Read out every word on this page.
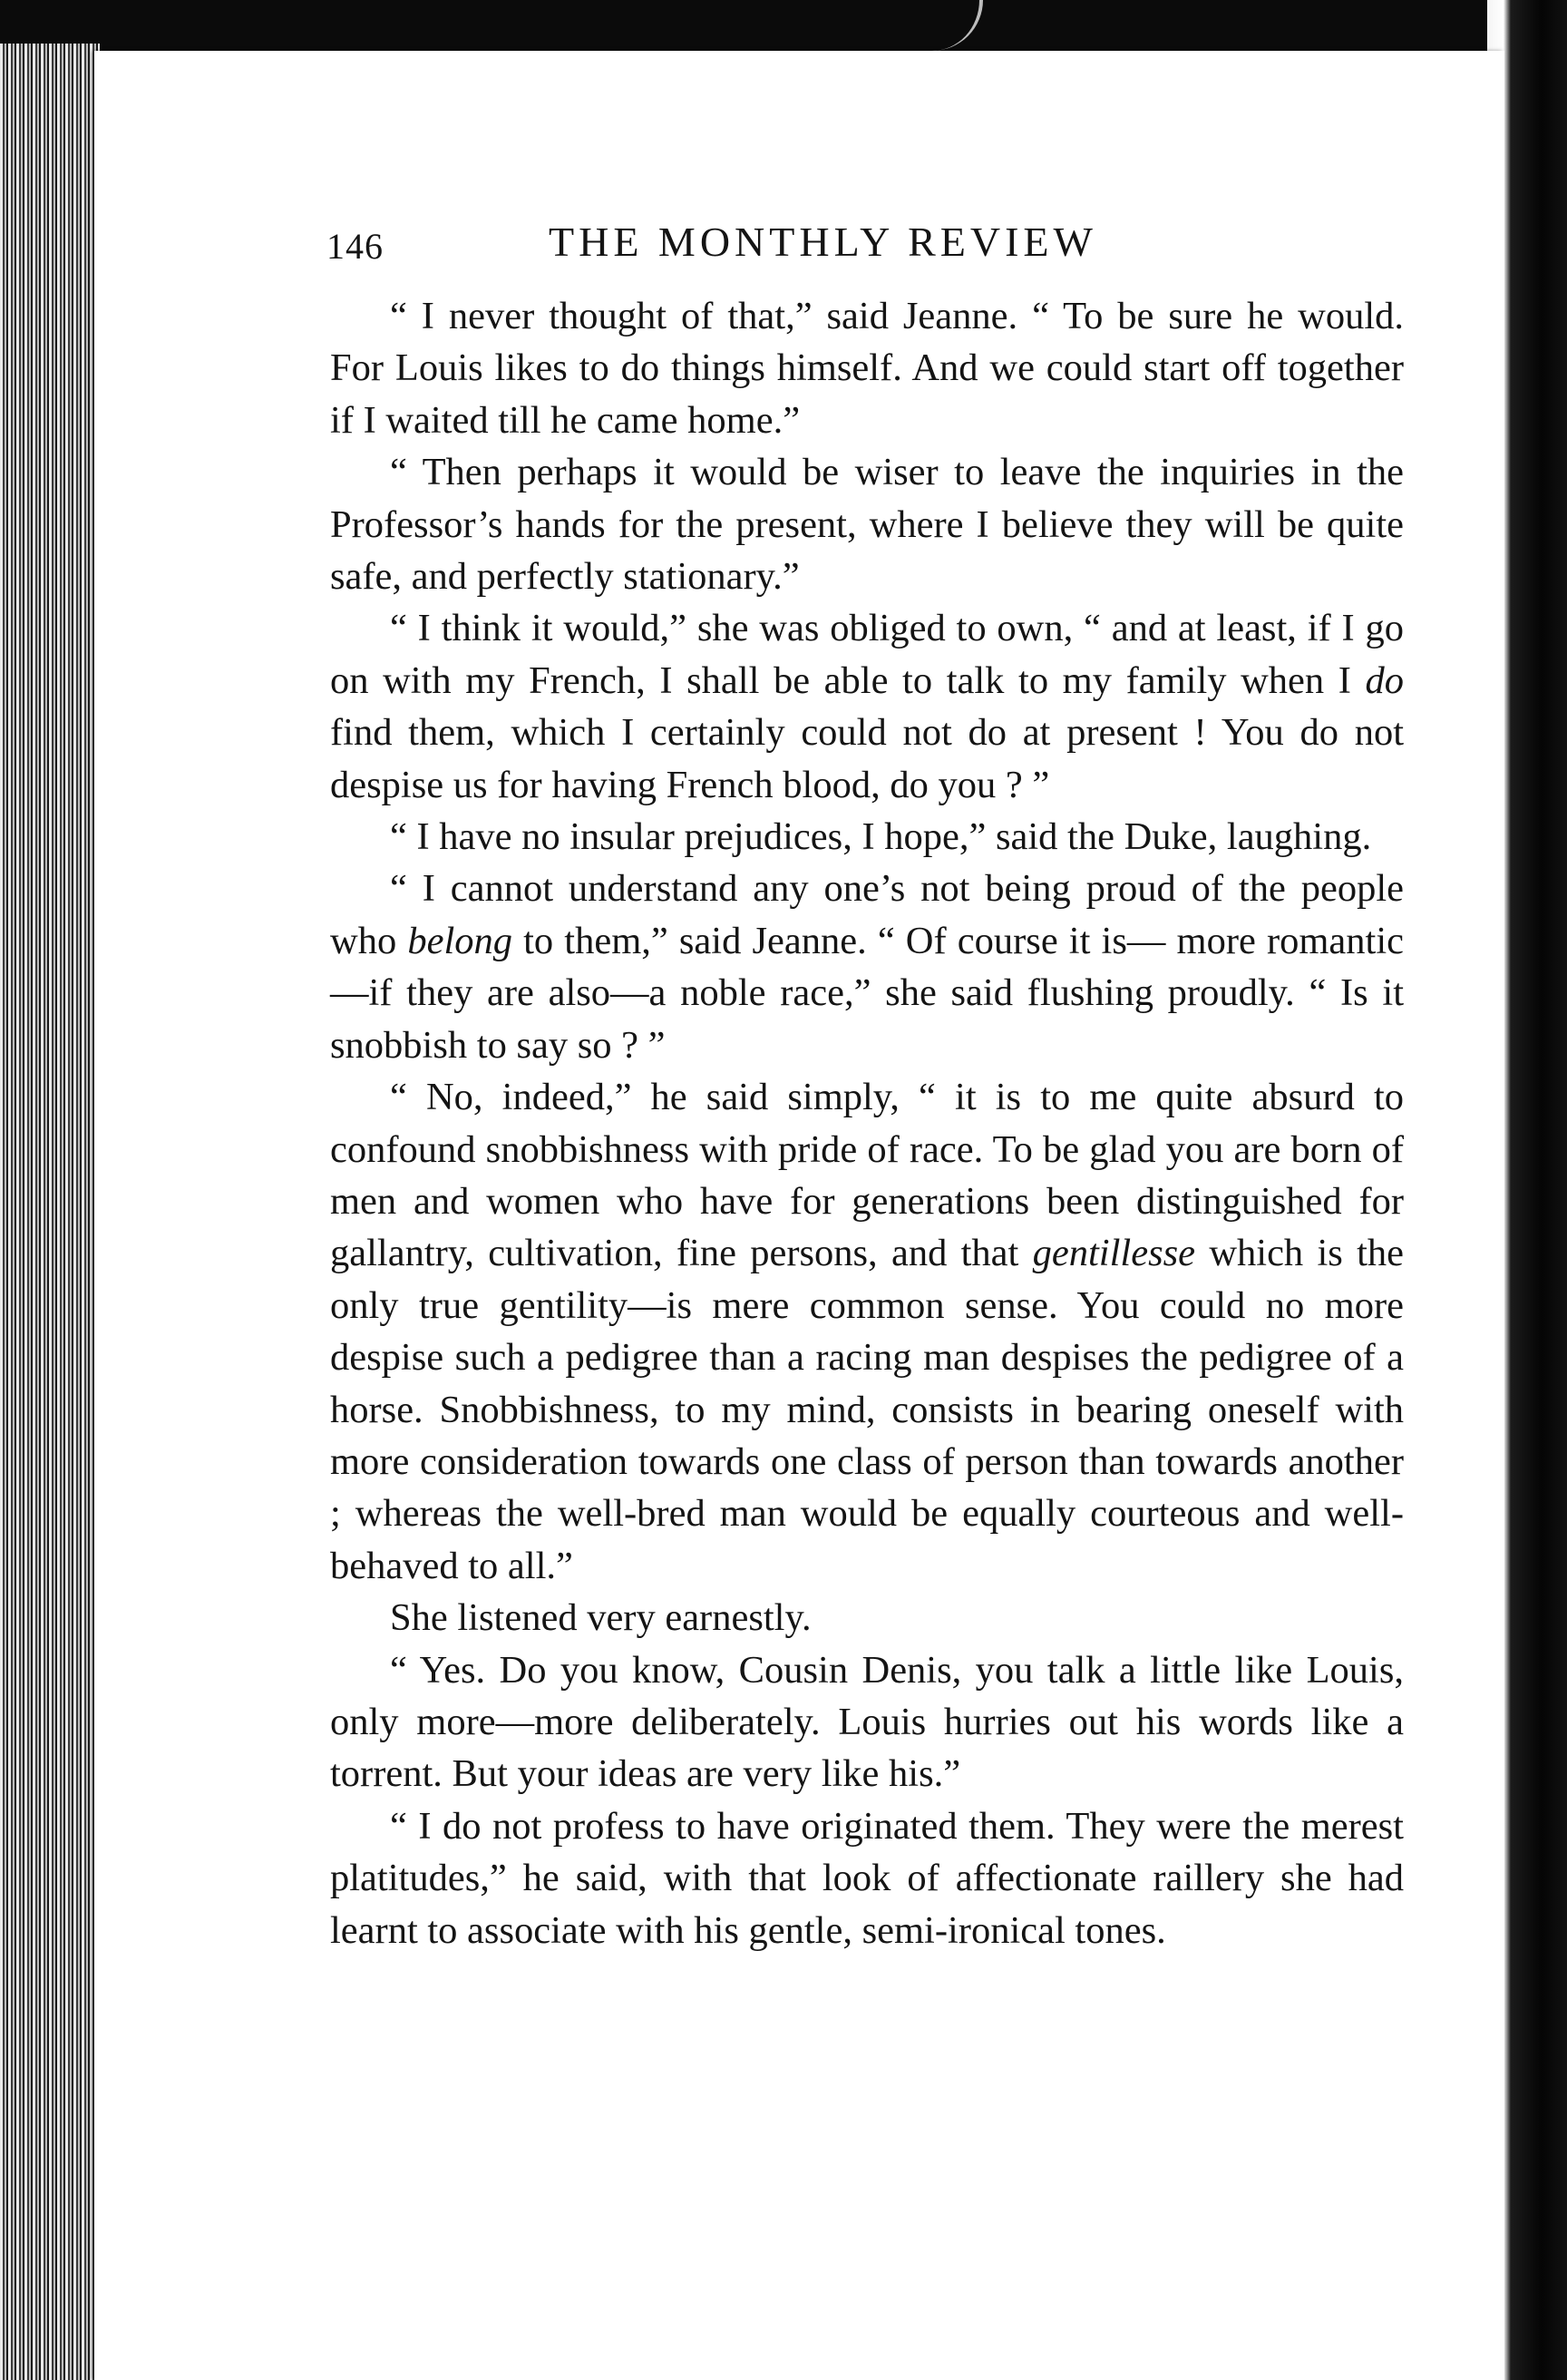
146	THE MONTHLY REVIEW

“ I never thought of that,” said Jeanne. “ To be sure he would. For Louis likes to do things himself. And we could start off together if I waited till he came home.”

“ Then perhaps it would be wiser to leave the inquiries in the Professor’s hands for the present, where I believe they will be quite safe, and perfectly stationary.”

“ I think it would,” she was obliged to own, “ and at least, if I go on with my French, I shall be able to talk to my family when I do find them, which I certainly could not do at present ! You do not despise us for having French blood, do you ? ”

“ I have no insular prejudices, I hope,” said the Duke, laughing.

“ I cannot understand any one’s not being proud of the people who belong to them,” said Jeanne. “ Of course it is— more romantic—if they are also—a noble race,” she said flushing proudly. “ Is it snobbish to say so ? ”

“ No, indeed,” he said simply, “ it is to me quite absurd to confound snobbishness with pride of race. To be glad you are born of men and women who have for generations been distinguished for gallantry, cultivation, fine persons, and that gentillesse which is the only true gentility—is mere common sense. You could no more despise such a pedigree than a racing man despises the pedigree of a horse. Snobbishness, to my mind, consists in bearing oneself with more consideration towards one class of person than towards another ; whereas the well-bred man would be equally courteous and well-behaved to all.”

She listened very earnestly.

“ Yes. Do you know, Cousin Denis, you talk a little like Louis, only more—more deliberately. Louis hurries out his words like a torrent. But your ideas are very like his.”

“ I do not profess to have originated them. They were the merest platitudes,” he said, with that look of affectionate raillery she had learnt to associate with his gentle, semi-ironical tones.
